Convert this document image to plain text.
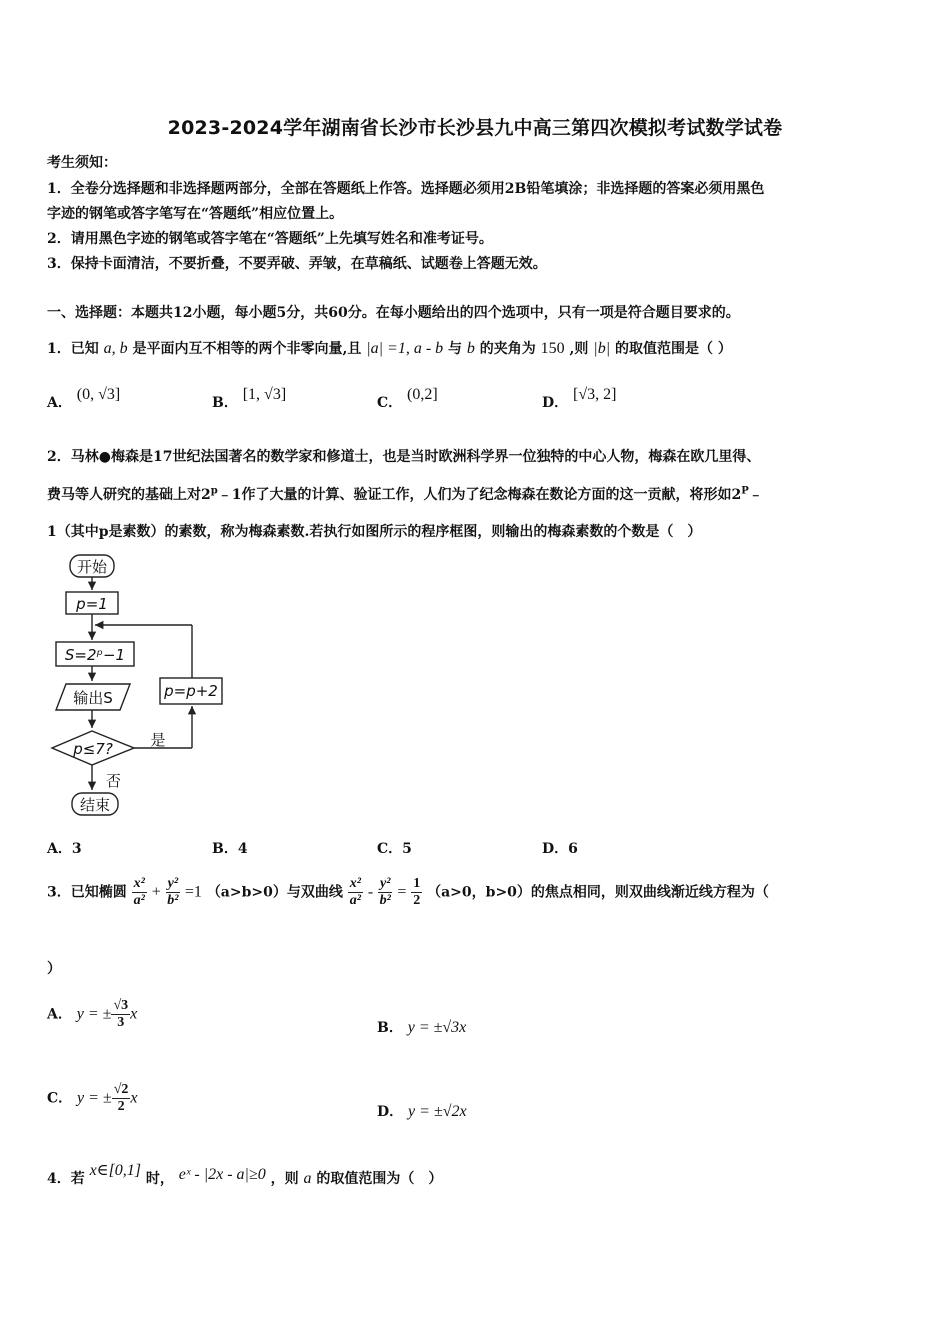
2023-2024学年湖南省长沙市长沙县九中高三第四次模拟考试数学试卷
考生须知：
1．全卷分选择题和非选择题两部分，全部在答题纸上作答。选择题必须用2B铅笔填涂；非选择题的答案必须用黑色
字迹的钢笔或答字笔写在“答题纸”相应位置上。
2．请用黑色字迹的钢笔或答字笔在“答题纸”上先填写姓名和准考证号。
3．保持卡面清洁，不要折叠，不要弄破、弄皱，在草稿纸、试题卷上答题无效。
一、选择题：本题共12小题，每小题5分，共60分。在每小题给出的四个选项中，只有一项是符合题目要求的。
1．已知 a, b 是平面内互不相等的两个非零向量,且 |a| =1, a - b 与 b 的夹角为 150 ,则 |b| 的取值范围是（ ）
A． (0, √3]	B． [1, √3]	C． (0,2]	D． [√3, 2]
2．马林●梅森是17世纪法国著名的数学家和修道士，也是当时欧洲科学界一位独特的中心人物，梅森在欧几里得、
费马等人研究的基础上对2$^p$﹣1作了大量的计算、验证工作，人们为了纪念梅森在数论方面的这一贡献，将形如$2^P﹣$
1（其中p是素数）的素数，称为梅森素数.若执行如图所示的程序框图，则输出的梅森素数的个数是（　）
开始
p=1
S=2ᵖ−1
输出S
p≤7?
p=p+2
是
否
结束
A．3	B．4	C．5	D．6
3．已知椭圆 $\frac{\text{x²}}{\text{a²}} + \frac{\text{y²}}{\text{b²}} =1$ （a>b>0）与双曲线 $\frac{\text{x²}}{\text{a²}} - \frac{\text{y²}}{\text{b²}} = \frac{1}{2} (a>0$，b>0）的焦点相同，则双曲线渐近线方程为（
）
A． y = ± $\frac{√3}{3}$ x
B． y = ±√3x
C． y = ± $\frac{√2}{2}$ x
D． y = ±√2x
4．若 x∈[0,1] 时， eˣ - |2x - a|≥0 ，则 a 的取值范围为（　）
